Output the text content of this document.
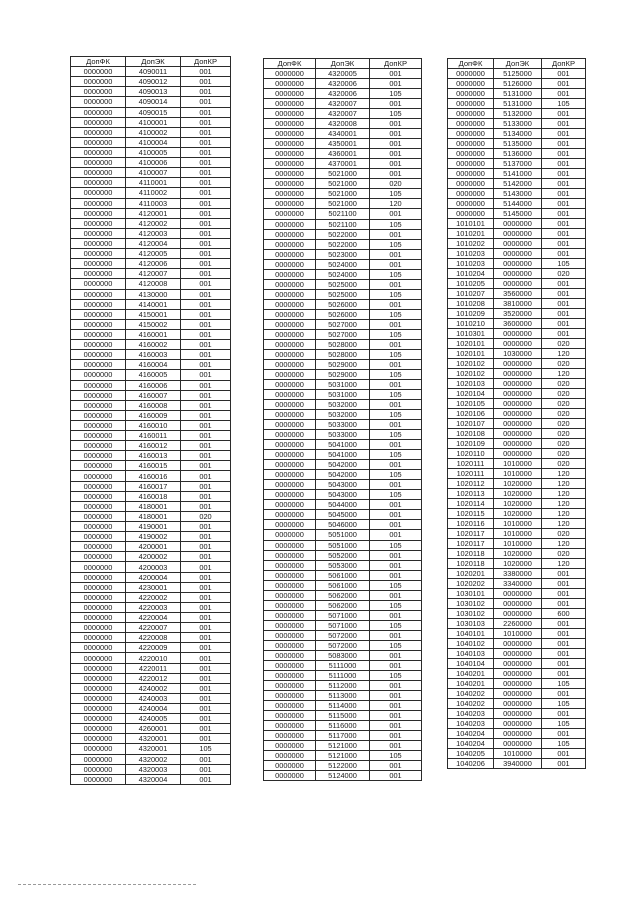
ДопФК	ДопЭК	ДопКР
0000000	4090011	001
0000000	4090012	001
0000000	4090013	001
0000000	4090014	001
0000000	4090015	001
0000000	4100001	001
0000000	4100002	001
0000000	4100004	001
0000000	4100005	001
0000000	4100006	001
0000000	4100007	001
0000000	4110001	001
0000000	4110002	001
0000000	4110003	001
0000000	4120001	001
0000000	4120002	001
0000000	4120003	001
0000000	4120004	001
0000000	4120005	001
0000000	4120006	001
0000000	4120007	001
0000000	4120008	001
0000000	4130000	001
0000000	4140001	001
0000000	4150001	001
0000000	4150002	001
0000000	4160001	001
0000000	4160002	001
0000000	4160003	001
0000000	4160004	001
0000000	4160005	001
0000000	4160006	001
0000000	4160007	001
0000000	4160008	001
0000000	4160009	001
0000000	4160010	001
0000000	4160011	001
0000000	4160012	001
0000000	4160013	001
0000000	4160015	001
0000000	4160016	001
0000000	4160017	001
0000000	4160018	001
0000000	4180001	001
0000000	4180001	020
0000000	4190001	001
0000000	4190002	001
0000000	4200001	001
0000000	4200002	001
0000000	4200003	001
0000000	4200004	001
0000000	4230001	001
0000000	4220002	001
0000000	4220003	001
0000000	4220004	001
0000000	4220007	001
0000000	4220008	001
0000000	4220009	001
0000000	4220010	001
0000000	4220011	001
0000000	4220012	001
0000000	4240002	001
0000000	4240003	001
0000000	4240004	001
0000000	4240005	001
0000000	4260001	001
0000000	4320001	001
0000000	4320001	105
0000000	4320002	001
0000000	4320003	001
0000000	4320004	001
ДопФК	ДопЭК	ДопКР
0000000	4320005	001
0000000	4320006	001
0000000	4320006	105
0000000	4320007	001
0000000	4320007	105
0000000	4320008	001
0000000	4340001	001
0000000	4350001	001
0000000	4360001	001
0000000	4370001	001
0000000	5021000	001
0000000	5021000	020
0000000	5021000	105
0000000	5021000	120
0000000	5021100	001
0000000	5021100	105
0000000	5022000	001
0000000	5022000	105
0000000	5023000	001
0000000	5024000	001
0000000	5024000	105
0000000	5025000	001
0000000	5025000	105
0000000	5026000	001
0000000	5026000	105
0000000	5027000	001
0000000	5027000	105
0000000	5028000	001
0000000	5028000	105
0000000	5029000	001
0000000	5029000	105
0000000	5031000	001
0000000	5031000	105
0000000	5032000	001
0000000	5032000	105
0000000	5033000	001
0000000	5033000	105
0000000	5041000	001
0000000	5041000	105
0000000	5042000	001
0000000	5042000	105
0000000	5043000	001
0000000	5043000	105
0000000	5044000	001
0000000	5045000	001
0000000	5046000	001
0000000	5051000	001
0000000	5051000	105
0000000	5052000	001
0000000	5053000	001
0000000	5061000	001
0000000	5061000	105
0000000	5062000	001
0000000	5062000	105
0000000	5071000	001
0000000	5071000	105
0000000	5072000	001
0000000	5072000	105
0000000	5083000	001
0000000	5111000	001
0000000	5111000	105
0000000	5112000	001
0000000	5113000	001
0000000	5114000	001
0000000	5115000	001
0000000	5116000	001
0000000	5117000	001
0000000	5121000	001
0000000	5121000	105
0000000	5122000	001
0000000	5124000	001
ДопФК	ДопЭК	ДопКР
0000000	5125000	001
0000000	5126000	001
0000000	5131000	001
0000000	5131000	105
0000000	5132000	001
0000000	5133000	001
0000000	5134000	001
0000000	5135000	001
0000000	5136000	001
0000000	5137000	001
0000000	5141000	001
0000000	5142000	001
0000000	5143000	001
0000000	5144000	001
0000000	5145000	001
1010101	0000000	001
1010201	0000000	001
1010202	0000000	001
1010203	0000000	001
1010203	0000000	105
1010204	0000000	020
1010205	0000000	001
1010207	3560000	001
1010208	3810000	001
1010209	3520000	001
1010210	3600000	001
1010301	0000000	001
1020101	0000000	020
1020101	1030000	120
1020102	0000000	020
1020102	0000000	120
1020103	0000000	020
1020104	0000000	020
1020105	0000000	020
1020106	0000000	020
1020107	0000000	020
1020108	0000000	020
1020109	0000000	020
1020110	0000000	020
1020111	1010000	020
1020111	1010000	120
1020112	1020000	120
1020113	1020000	120
1020114	1020000	120
1020115	1020000	120
1020116	1010000	120
1020117	1010000	020
1020117	1010000	120
1020118	1020000	020
1020118	1020000	120
1020201	3380000	001
1020202	3340000	001
1030101	0000000	001
1030102	0000000	001
1030102	0000000	600
1030103	2260000	001
1040101	1010000	001
1040102	0000000	001
1040103	0000000	001
1040104	0000000	001
1040201	0000000	001
1040201	0000000	105
1040202	0000000	001
1040202	0000000	105
1040203	0000000	001
1040203	0000000	105
1040204	0000000	001
1040204	0000000	105
1040205	1010000	001
1040206	3940000	001
